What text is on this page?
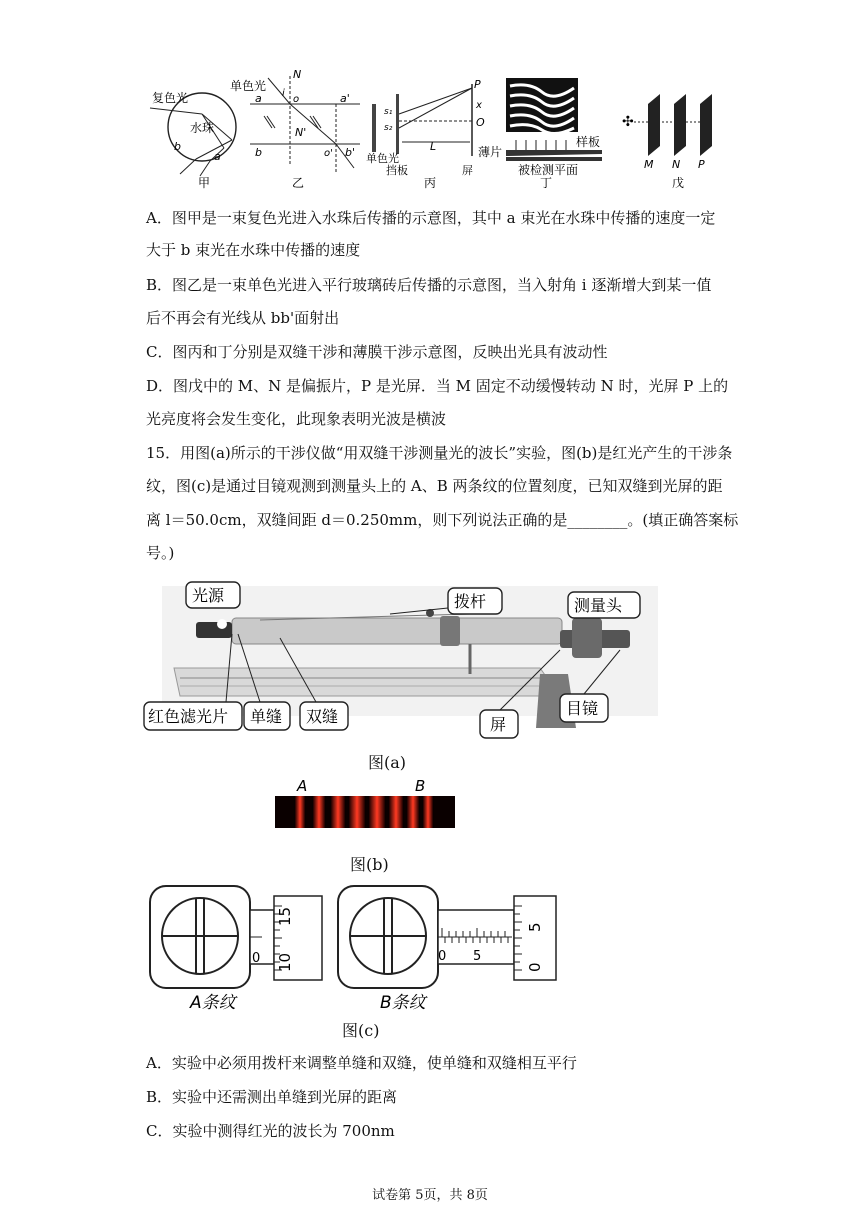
复色光
水珠
a
b
甲
单色光
N
a	a'
i
o
N'
b	b'
o'
乙
P
s₁
s₂
x
O
单色光
L
挡板	屏
丙
薄片
样板
被检测平面
丁
✣
M N P
戊
A．图甲是一束复色光进入水珠后传播的示意图，其中 a 束光在水珠中传播的速度一定
大于 b 束光在水珠中传播的速度
B．图乙是一束单色光进入平行玻璃砖后传播的示意图，当入射角 i 逐渐增大到某一值
后不再会有光线从 bb'面射出
C．图丙和丁分别是双缝干涉和薄膜干涉示意图，反映出光具有波动性
D．图戊中的 M、N 是偏振片，P 是光屏．当 M 固定不动缓慢转动 N 时，光屏 P 上的
光亮度将会发生变化，此现象表明光波是横波
15．用图(a)所示的干涉仪做“用双缝干涉测量光的波长”实验，图(b)是红光产生的干涉条
纹，图(c)是通过目镜观测到测量头上的 A、B 两条纹的位置刻度，已知双缝到光屏的距
离 l＝50.0cm，双缝间距 d＝0.250mm，则下列说法正确的是________。(填正确答案标
号。)
光源	拨杆	测量头
红色滤光片 单缝 双缝	屏
目镜
图(a)
A	B
图(b)
15
10
0
5
0
0 5
A条纹	B条纹
图(c)
A．实验中必须用拨杆来调整单缝和双缝，使单缝和双缝相互平行
B．实验中还需测出单缝到光屏的距离
C．实验中测得红光的波长为 700nm
试卷第 5页，共 8页
